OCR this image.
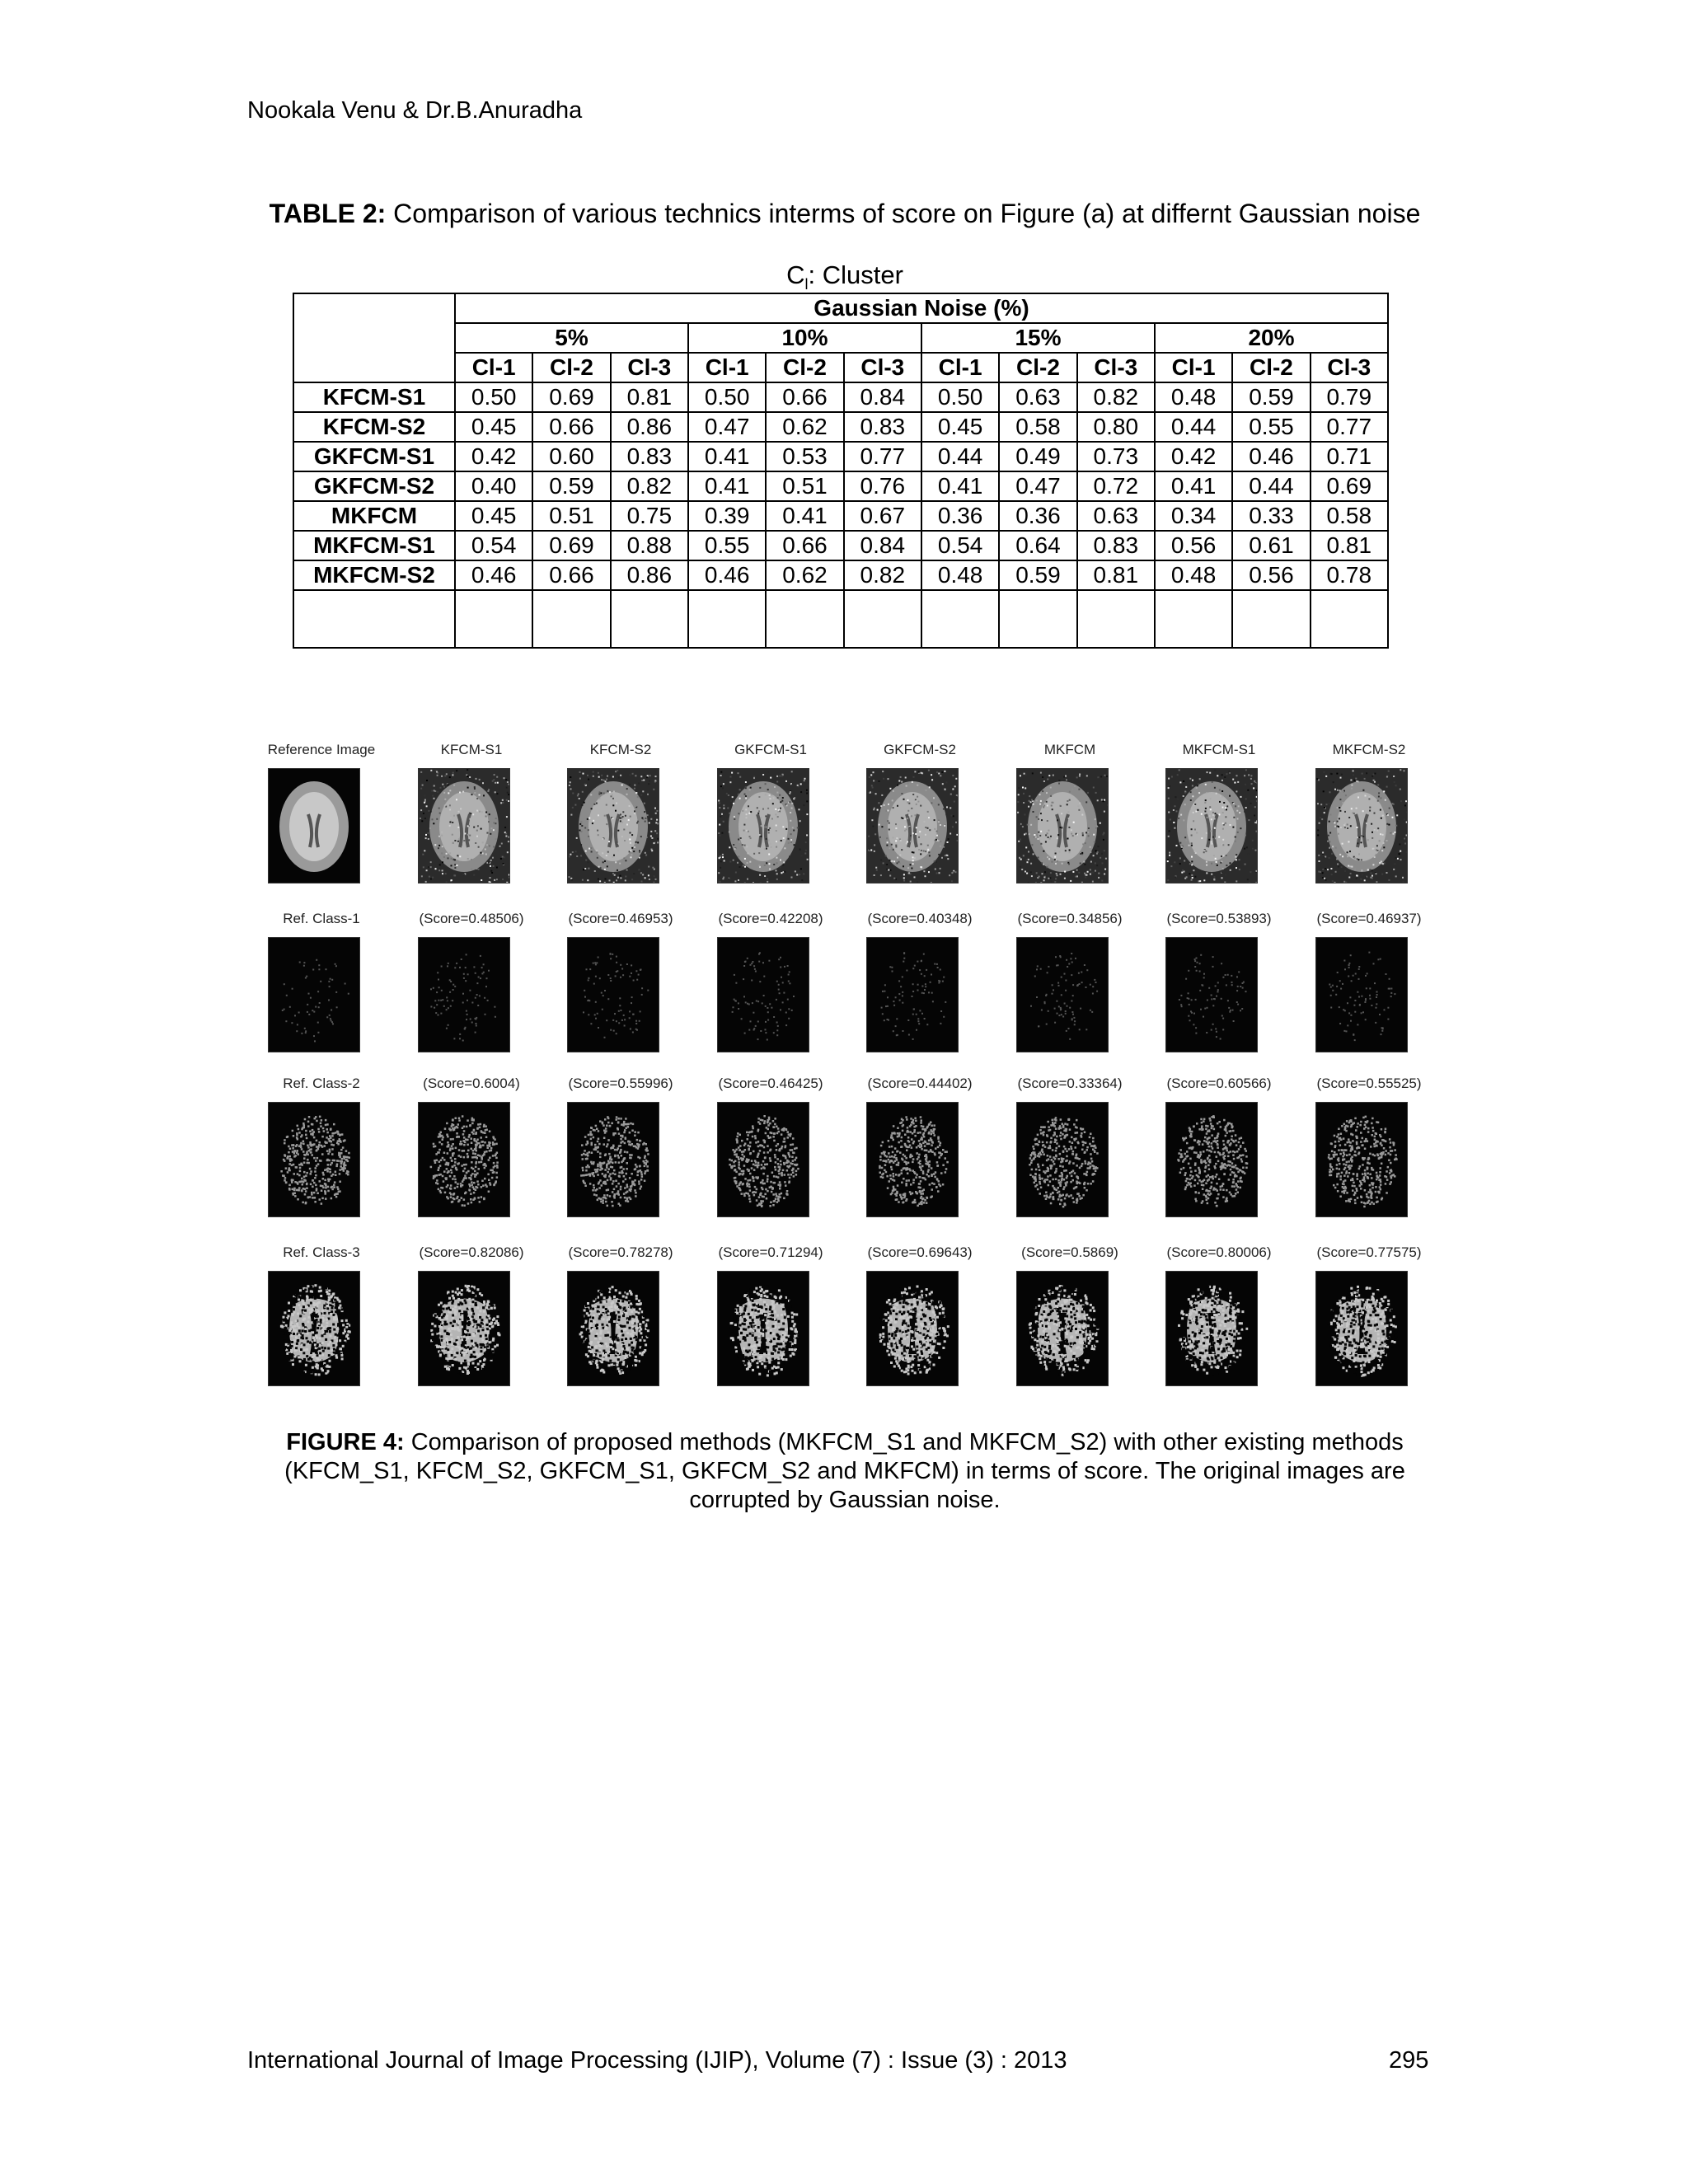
Nookala Venu & Dr.B.Anuradha
TABLE 2: Comparison of various technics interms of score on Figure (a) at differnt Gaussian noise
$C_l$: Cluster
	Gaussian Noise (%)											
	5%			10%			15%			20%		
	Cl-1	Cl-2	Cl-3	Cl-1	Cl-2	Cl-3	Cl-1	Cl-2	Cl-3	Cl-1	Cl-2	Cl-3
KFCM-S1	0.50	0.69	0.81	0.50	0.66	0.84	0.50	0.63	0.82	0.48	0.59	0.79
KFCM-S2	0.45	0.66	0.86	0.47	0.62	0.83	0.45	0.58	0.80	0.44	0.55	0.77
GKFCM-S1	0.42	0.60	0.83	0.41	0.53	0.77	0.44	0.49	0.73	0.42	0.46	0.71
GKFCM-S2	0.40	0.59	0.82	0.41	0.51	0.76	0.41	0.47	0.72	0.41	0.44	0.69
MKFCM	0.45	0.51	0.75	0.39	0.41	0.67	0.36	0.36	0.63	0.34	0.33	0.58
MKFCM-S1	0.54	0.69	0.88	0.55	0.66	0.84	0.54	0.64	0.83	0.56	0.61	0.81
MKFCM-S2	0.46	0.66	0.86	0.46	0.62	0.82	0.48	0.59	0.81	0.48	0.56	0.78

Reference Image	KFCM-S1	KFCM-S2	GKFCM-S1	GKFCM-S2	MKFCM	MKFCM-S1	MKFCM-S2
Ref. Class-1	(Score=0.48506)	(Score=0.46953)	(Score=0.42208)	(Score=0.40348)	(Score=0.34856)	(Score=0.53893)	(Score=0.46937)
Ref. Class-2	(Score=0.6004)	(Score=0.55996)	(Score=0.46425)	(Score=0.44402)	(Score=0.33364)	(Score=0.60566)	(Score=0.55525)
Ref. Class-3	(Score=0.82086)	(Score=0.78278)	(Score=0.71294)	(Score=0.69643)	(Score=0.5869)	(Score=0.80006)	(Score=0.77575)
FIGURE 4: Comparison of proposed methods (MKFCM_S1 and MKFCM_S2) with other existing methods (KFCM_S1, KFCM_S2, GKFCM_S1, GKFCM_S2 and MKFCM) in terms of score. The original images are corrupted by Gaussian noise.
International Journal of Image Processing (IJIP), Volume (7) : Issue (3) : 2013	295
